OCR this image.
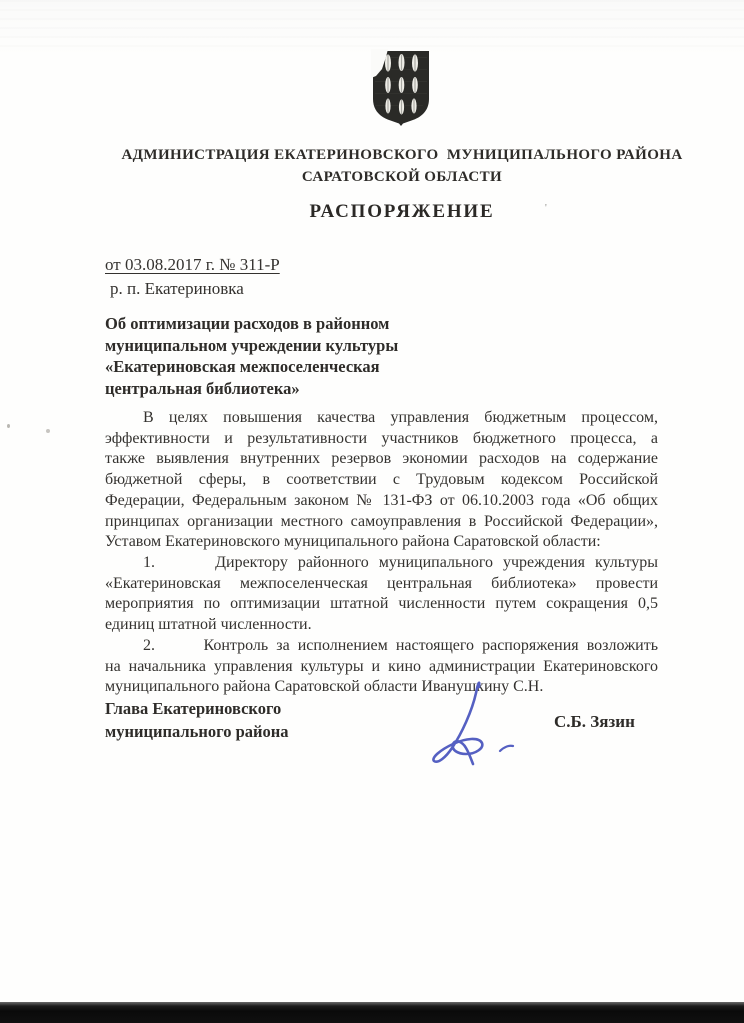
АДМИНИСТРАЦИЯ ЕКАТЕРИНОВСКОГО  МУНИЦИПАЛЬНОГО РАЙОНА
САРАТОВСКОЙ ОБЛАСТИ
РАСПОРЯЖЕНИЕ	'
от 03.08.2017 г. № 311-Р
р. п. Екатериновка
Об оптимизации расходов в районном
муниципальном учреждении культуры
«Екатериновская межпоселенческая
центральная библиотека»
В целях повышения качества управления бюджетным процессом,
эффективности и результативности участников бюджетного процесса, а
также выявления внутренних резервов экономии расходов на содержание
бюджетной сферы, в соответствии с Трудовым кодексом Российской
Федерации, Федеральным законом № 131-ФЗ от 06.10.2003 года «Об общих
принципах организации местного самоуправления в Российской Федерации»,
Уставом Екатериновского муниципального района Саратовской области:
1.      Директору районного муниципального учреждения культуры
«Екатериновская межпоселенческая центральная библиотека» провести
мероприятия по оптимизации штатной численности путем сокращения 0,5
единиц штатной численности.
2.      Контроль за исполнением настоящего распоряжения возложить
на начальника управления культуры и кино администрации Екатериновского
муниципального района Саратовской области Иванушкину С.Н.
Глава Екатериновского
муниципального района	С.Б. Зязин
